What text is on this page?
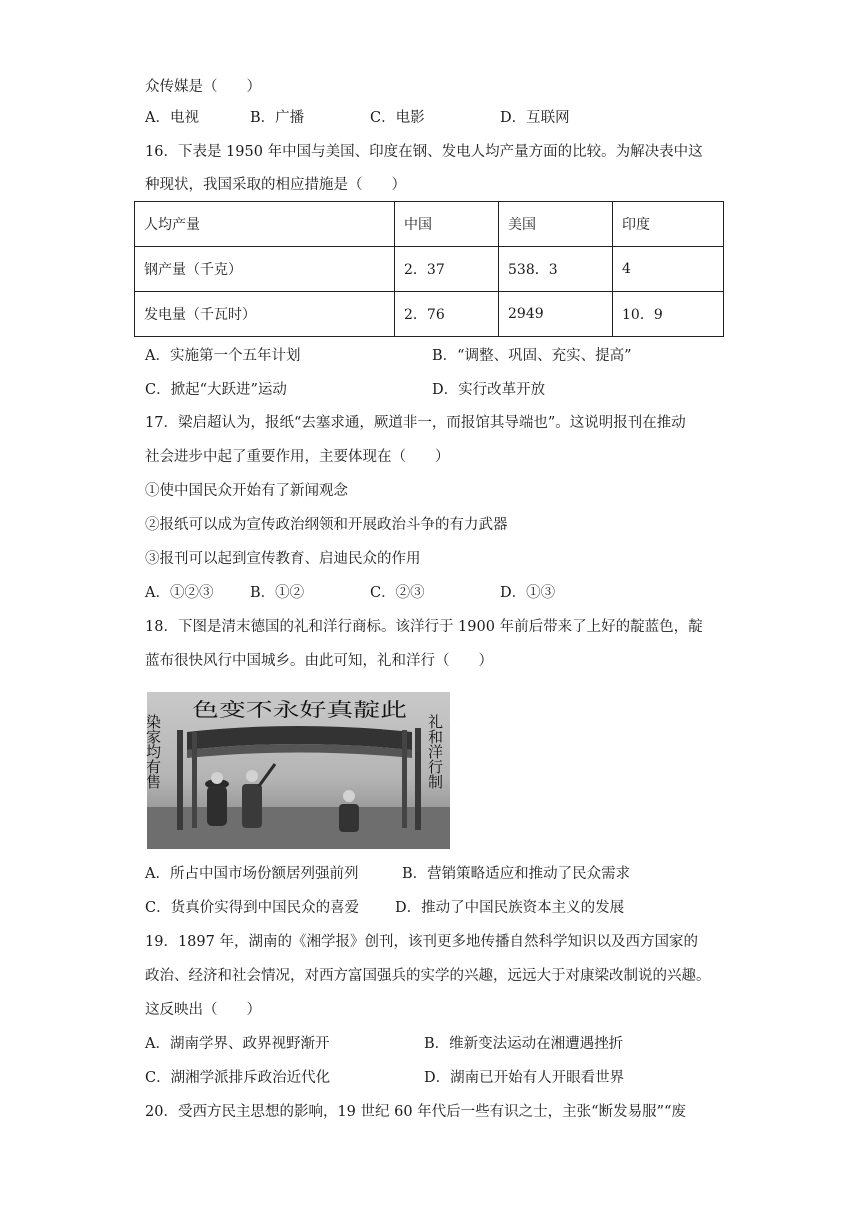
众传媒是（　　）
A．电视	B．广播	C．电影	D．互联网
16．下表是 1950 年中国与美国、印度在钢、发电人均产量方面的比较。为解决表中这
种现状，我国采取的相应措施是（　　）
人均产量	中国	美国	印度
钢产量（千克）	2．37	538．3	4
发电量（千瓦时）	2．76	2949	10．9
A．实施第一个五年计划	B．“调整、巩固、充实、提高”
C．掀起“大跃进”运动	D．实行改革开放
17．梁启超认为，报纸“去塞求通，厥道非一，而报馆其导端也”。这说明报刊在推动
社会进步中起了重要作用，主要体现在（　　）
①使中国民众开始有了新闻观念
②报纸可以成为宣传政治纲领和开展政治斗争的有力武器
③报刊可以起到宣传教育、启迪民众的作用
A．①②③	B．①②	C．②③	D．①③
18．下图是清末德国的礼和洋行商标。该洋行于 1900 年前后带来了上好的靛蓝色，靛
蓝布很快风行中国城乡。由此可知，礼和洋行（　　）
色变不永好真靛此
染家均有售	礼和洋行制
A．所占中国市场份额居列强前列	B．营销策略适应和推动了民众需求
C．货真价实得到中国民众的喜爱 D．推动了中国民族资本主义的发展
19．1897 年，湖南的《湘学报》创刊，该刊更多地传播自然科学知识以及西方国家的
政治、经济和社会情况，对西方富国强兵的实学的兴趣，远远大于对康梁改制说的兴趣。
这反映出（　　）
A．湖南学界、政界视野渐开	B．维新变法运动在湘遭遇挫折
C．湖湘学派排斥政治近代化	D．湖南已开始有人开眼看世界
20．受西方民主思想的影响，19 世纪 60 年代后一些有识之士，主张“断发易服”“废
